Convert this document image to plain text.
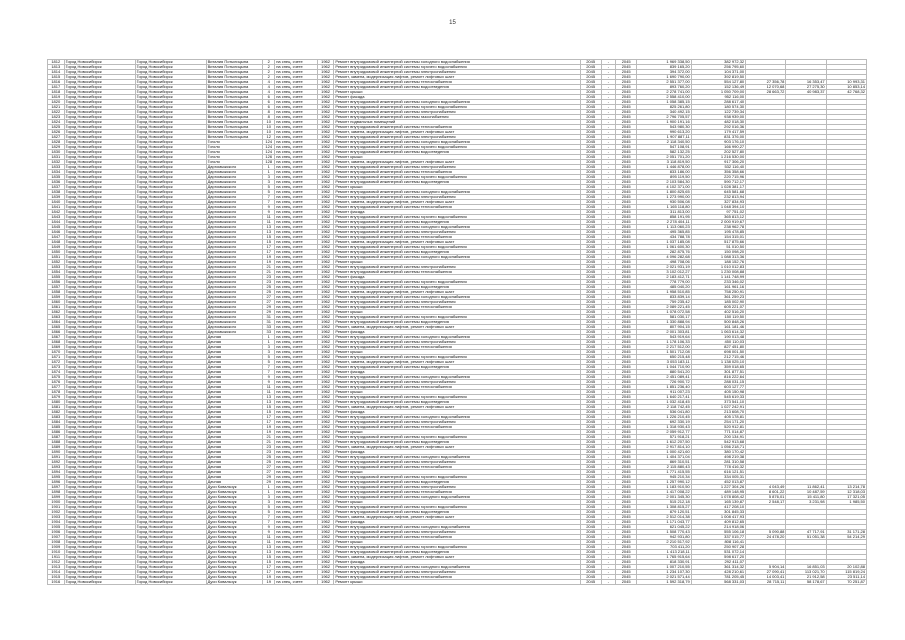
15
1812	Город Новосибирск	Город Новосибирск	Виталия Потылицына	2	на спец. счете	1962	Ремонт внутридомовой инженерной системы холодного водоснабжения	2045	-	2045	1 969 338,50	382 972,32			
1813	Город Новосибирск	Город Новосибирск	Виталия Потылицына	2	на спец. счете	1962	Ремонт внутридомовой инженерной системы горячего водоснабжения	2045	-	2045	839 165,20	256 795,60			
1814	Город Новосибирск	Город Новосибирск	Виталия Потылицына	2	на спец. счете	1962	Ремонт внутридомовой инженерной системы электроснабжения	2045	-	2045	394 372,00	104 371,00			
1815	Город Новосибирск	Город Новосибирск	Виталия Потылицына	2	на спец. счете	1962	Ремонт, замена, модернизация лифтов, ремонт лифтовых шахт	2045	-	2045	1 690 790,00	392 819,50			
1816	Город Новосибирск	Город Новосибирск	Виталия Потылицына	4	на спец. счете	1962	Ремонт внутридомовой инженерной системы теплоснабжения	2045	-	2045	2 551 377,00	554 127,80	27 356,78	16 353,47	10 993,31
1817	Город Новосибирск	Город Новосибирск	Виталия Потылицына	4	на спец. счете	1962	Ремонт внутридомовой инженерной системы водоотведения	2045	-	2045	893 760,20	152 136,49	12 070,68	27 275,30	10 853,14
1818	Город Новосибирск	Город Новосибирск	Виталия Потылицына	4	на спец. счете	1962	Ремонт крыши	2045	-	2045	2 278 741,00	1 050 709,00	28 663,72	40 983,37	42 768,32
1819	Город Новосибирск	Город Новосибирск	Виталия Потылицына	6	на спец. счете	1962	Ремонт фасада	2045	-	2045	2 558 410,00	952 116,00			
1820	Город Новосибирск	Город Новосибирск	Виталия Потылицына	6	на спец. счете	1962	Ремонт внутридомовой инженерной системы холодного водоснабжения	2045	-	2045	1 058 385,15	288 617,40			
1821	Город Новосибирск	Город Новосибирск	Виталия Потылицына	6	на спец. счете	1962	Ремонт внутридомовой инженерной системы горячего водоснабжения	2045	-	2045	825 261,80	180 574,30			
1822	Город Новосибирск	Город Новосибирск	Виталия Потылицына	8	на спец. счете	1962	Ремонт внутридомовой инженерной системы электроснабжения	2045	-	2045	340 492,15	122 739,34			
1823	Город Новосибирск	Город Новосибирск	Виталия Потылицына	8	на спец. счете	1962	Ремонт внутридомовой инженерной системы газоснабжения	2045	-	2045	2 796 705,57	938 939,00			
1824	Город Новосибирск	Город Новосибирск	Виталия Потылицына	10	на спец. счете	1962	Ремонт подвальных помещений	2045	-	2045	1 900 191,16	482 018,30			
1825	Город Новосибирск	Город Новосибирск	Виталия Потылицына	10	на спец. счете	1962	Ремонт внутридомовой инженерной системы теплоснабжения	2045	-	2045	543 980,30	292 016,36			
1826	Город Новосибирск	Город Новосибирск	Виталия Потылицына	10	на спец. счете	1962	Ремонт, замена, модернизация лифтов, ремонт лифтовых шахт	2045	-	2045	990 613,20	179 417,59			
1827	Город Новосибирск	Город Новосибирск	Виталия Потылицына	12	на спец. счете	1962	Ремонт внутридомовой инженерной системы электроснабжения	2045	-	2045	1 907 887,11	831 376,00			
1828	Город Новосибирск	Город Новосибирск	Гоголя	124	на спец. счете	1962	Ремонт внутридомовой инженерной системы холодного водоснабжения	2045	-	2045	2 118 340,50	903 176,10			
1829	Город Новосибирск	Город Новосибирск	Гоголя	124	на спец. счете	1962	Ремонт внутридомовой инженерной системы горячего водоснабжения	2045	-	2045	547 108,91	166 990,27			
1830	Город Новосибирск	Город Новосибирск	Гоголя	124	на спец. счете	1962	Ремонт внутридомовой инженерной системы водоотведения	2045	-	2045	582 132,25	202 527,80			
1831	Город Новосибирск	Город Новосибирск	Гоголя	126	на спец. счете	1962	Ремонт крыши	2045	-	2045	2 051 701,20	1 216 530,00			
1832	Город Новосибирск	Город Новосибирск	Гоголя	128	на спец. счете	1962	Ремонт, замена, модернизация лифтов, ремонт лифтовых шахт	2045	-	2045	3 118 819,50	917 306,20			
1833	Город Новосибирск	Город Новосибирск	Даргомыжского	1	на спец. счете	1962	Ремонт внутридомовой инженерной системы электроснабжения	2045	-	2045	1 446 878,00	532 116,40			
1834	Город Новосибирск	Город Новосибирск	Даргомыжского	1	на спец. счете	1962	Ремонт внутридомовой инженерной системы теплоснабжения	2045	-	2045	833 186,00	356 358,66			
1835	Город Новосибирск	Город Новосибирск	Даргомыжского	3	на спец. счете	1962	Ремонт внутридомовой инженерной системы горячего водоснабжения	2045	-	2045	895 119,50	220 715,96			
1836	Город Новосибирск	Город Новосибирск	Даргомыжского	3	на спец. счете	1962	Ремонт внутридомовой инженерной системы водоотведения	2045	-	2045	2 103 584,30	590 712,17			
1837	Город Новосибирск	Город Новосибирск	Даргомыжского	5	на спец. счете	1962	Ремонт крыши	2045	-	2045	4 102 371,00	1 028 381,17			
1838	Город Новосибирск	Город Новосибирск	Даргомыжского	5	на спец. счете	1962	Ремонт внутридомовой инженерной системы холодного водоснабжения	2045	-	2045	1 800 825,65	645 581,68			
1839	Город Новосибирск	Город Новосибирск	Даргомыжского	7	на спец. счете	1962	Ремонт внутридомовой инженерной системы электроснабжения	2045	-	2045	1 273 990,00	232 813,94			
1840	Город Новосибирск	Город Новосибирск	Даргомыжского	7	на спец. счете	1962	Ремонт, замена, модернизация лифтов, ремонт лифтовых шахт	2045	-	2045	930 506,08	327 834,93			
1841	Город Новосибирск	Город Новосибирск	Даргомыжского	9	на спец. счете	1962	Ремонт внутридомовой инженерной системы теплоснабжения	2045	-	2045	1 165 118,80	1 048 394,10			
1842	Город Новосибирск	Город Новосибирск	Даргомыжского	9	на спец. счете	1962	Ремонт фасада	2045	-	2045	311 813,00	97 751,02			
1843	Город Новосибирск	Город Новосибирск	Даргомыжского	11	на спец. счете	1962	Ремонт внутридомовой инженерной системы горячего водоснабжения	2045	-	2045	858 191,95	365 813,12			
1844	Город Новосибирск	Город Новосибирск	Даргомыжского	11	на спец. счете	1962	Ремонт внутридомовой инженерной системы водоотведения	2045	-	2045	2 278 404,11	2 000 919,67			
1845	Город Новосибирск	Город Новосибирск	Даргомыжского	13	на спец. счете	1962	Ремонт внутридомовой инженерной системы холодного водоснабжения	2045	-	2045	1 113 060,23	238 962,78			
1846	Город Новосибирск	Город Новосибирск	Даргомыжского	13	на спец. счете	1962	Ремонт внутридомовой инженерной системы электроснабжения	2045	-	2045	495 365,85	195 478,85			
1847	Город Новосибирск	Город Новосибирск	Даргомыжского	15	на спец. счете	1962	Ремонт внутридомовой инженерной системы теплоснабжения	2045	-	2045	434 788,78	154 315,01			
1848	Город Новосибирск	Город Новосибирск	Даргомыжского	15	на спец. счете	1962	Ремонт, замена, модернизация лифтов, ремонт лифтовых шахт	2045	-	2045	1 037 185,08	517 875,66			
1849	Город Новосибирск	Город Новосибирск	Даргомыжского	17	на спец. счете	1962	Ремонт внутридомовой инженерной системы горячего водоснабжения	2045	-	2045	1 061 600,30	51 010,50			
1850	Город Новосибирск	Город Новосибирск	Даргомыжского	17	на спец. счете	1962	Ремонт внутридомовой инженерной системы водоотведения	2045	-	2045	282 875,76	150 098,20			
1851	Город Новосибирск	Город Новосибирск	Даргомыжского	19	на спец. счете	1962	Ремонт внутридомовой инженерной системы холодного водоснабжения	2045	-	2045	4 096 282,68	1 088 313,36			
1852	Город Новосибирск	Город Новосибирск	Даргомыжского	19	на спец. счете	1962	Ремонт крыши	2045	-	2045	498 708,06	188 152,76			
1853	Город Новосибирск	Город Новосибирск	Даргомыжского	21	на спец. счете	1962	Ремонт внутридомовой инженерной системы электроснабжения	2045	-	2045	2 021 931,19	1 010 012,83			
1854	Город Новосибирск	Город Новосибирск	Даргомыжского	21	на спец. счете	1962	Ремонт внутридомовой инженерной системы теплоснабжения	2045	-	2045	3 102 012,27	1 230 008,88			
1855	Город Новосибирск	Город Новосибирск	Даргомыжского	23	на спец. счете	1962	Ремонт фасада	2045	-	2045	2 183 412,71	1 141 748,99			
1856	Город Новосибирск	Город Новосибирск	Даргомыжского	23	на спец. счете	1962	Ремонт внутридомовой инженерной системы горячего водоснабжения	2045	-	2045	778 779,00	233 346,02			
1857	Город Новосибирск	Город Новосибирск	Даргомыжского	25	на спец. счете	1962	Ремонт внутридомовой инженерной системы водоотведения	2045	-	2045	485 040,20	161 961,16			
1858	Город Новосибирск	Город Новосибирск	Даргомыжского	25	на спец. счете	1962	Ремонт, замена, модернизация лифтов, ремонт лифтовых шахт	2045	-	2045	1 958 510,85	758 250,91			
1859	Город Новосибирск	Город Новосибирск	Даргомыжского	27	на спец. счете	1962	Ремонт внутридомовой инженерной системы холодного водоснабжения	2045	-	2045	833 839,14	361 259,23			
1860	Город Новосибирск	Город Новосибирск	Даргомыжского	27	на спец. счете	1962	Ремонт внутридомовой инженерной системы электроснабжения	2045	-	2045	759 235,42	185 002,90			
1861	Город Новосибирск	Город Новосибирск	Даргомыжского	29	на спец. счете	1962	Ремонт внутридомовой инженерной системы теплоснабжения	2045	-	2045	2 089 221,45	605 221,07			
1862	Город Новосибирск	Город Новосибирск	Даргомыжского	29	на спец. счете	1962	Ремонт крыши	2045	-	2045	1 078 072,58	402 516,20			
1863	Город Новосибирск	Город Новосибирск	Даргомыжского	31	на спец. счете	1962	Ремонт внутридомовой инженерной системы горячего водоснабжения	2045	-	2045	581 030,17	150 119,50			
1864	Город Новосибирск	Город Новосибирск	Даргомыжского	31	на спец. счете	1962	Ремонт внутридомовой инженерной системы водоотведения	2045	-	2045	1 330 888,94	500 848,26			
1865	Город Новосибирск	Город Новосибирск	Даргомыжского	33	на спец. счете	1962	Ремонт, замена, модернизация лифтов, ремонт лифтовых шахт	2045	-	2045	807 904,15	161 181,46			
1866	Город Новосибирск	Город Новосибирск	Даргомыжского	33	на спец. счете	1962	Ремонт фасада	2045	-	2045	2 001 303,81	1 063 614,32			
1867	Город Новосибирск	Город Новосибирск	Дачная	1	на спец. счете	1962	Ремонт внутридомовой инженерной системы холодного водоснабжения	2045	-	2045	543 919,64	190 013,48			
1868	Город Новосибирск	Город Новосибирск	Дачная	1	на спец. счете	1962	Ремонт внутридомовой инженерной системы электроснабжения	2045	-	2045	1 178 106,33	450 110,03			
1869	Город Новосибирск	Город Новосибирск	Дачная	3	на спец. счете	1962	Ремонт внутридомовой инженерной системы теплоснабжения	2045	-	2045	2 217 512,00	827 451,80			
1870	Город Новосибирск	Город Новосибирск	Дачная	3	на спец. счете	1962	Ремонт крыши	2045	-	2045	1 501 712,08	698 001,50			
1871	Город Новосибирск	Город Новосибирск	Дачная	5	на спец. счете	1962	Ремонт внутридомовой инженерной системы горячего водоснабжения	2045	-	2045	650 215,48	212 715,46			
1872	Город Новосибирск	Город Новосибирск	Дачная	5	на спец. счете	1962	Ремонт, замена, модернизация лифтов, ремонт лифтовых шахт	2045	-	2045	3 053 183,11	1 138 025,10			
1873	Город Новосибирск	Город Новосибирск	Дачная	7	на спец. счете	1962	Ремонт внутридомовой инженерной системы водоотведения	2045	-	2045	1 044 710,90	359 018,65			
1874	Город Новосибирск	Город Новосибирск	Дачная	7	на спец. счете	1962	Ремонт фасада	2045	-	2045	880 541,20	301 877,51			
1875	Город Новосибирск	Город Новосибирск	Дачная	9	на спец. счете	1962	Ремонт внутридомовой инженерной системы холодного водоснабжения	2045	-	2045	2 451 089,41	816 222,64			
1876	Город Новосибирск	Город Новосибирск	Дачная	9	на спец. счете	1962	Ремонт внутридомовой инженерной системы электроснабжения	2045	-	2045	726 900,72	288 031,15			
1877	Город Новосибирск	Город Новосибирск	Дачная	11	на спец. счете	1962	Ремонт внутридомовой инженерной системы теплоснабжения	2045	-	2045	1 851 236,40	603 127,77			
1878	Город Новосибирск	Город Новосибирск	Дачная	11	на спец. счете	1962	Ремонт крыши	2045	-	2045	911 007,23	405 150,98			
1879	Город Новосибирск	Город Новосибирск	Дачная	13	на спец. счете	1962	Ремонт внутридомовой инженерной системы горячего водоснабжения	2045	-	2045	1 640 217,41	545 619,33			
1880	Город Новосибирск	Город Новосибирск	Дачная	13	на спец. счете	1962	Ремонт внутридомовой инженерной системы водоотведения	2045	-	2045	1 032 418,45	373 541,10			
1881	Город Новосибирск	Город Новосибирск	Дачная	15	на спец. счете	1962	Ремонт, замена, модернизация лифтов, ремонт лифтовых шахт	2045	-	2045	2 118 742,45	1 027 242,91			
1882	Город Новосибирск	Город Новосибирск	Дачная	15	на спец. счете	1962	Ремонт фасада	2045	-	2045	536 041,80	213 608,70			
1883	Город Новосибирск	Город Новосибирск	Дачная	17	на спец. счете	1962	Ремонт внутридомовой инженерной системы холодного водоснабжения	2045	-	2045	1 226 210,45	405 178,81			
1884	Город Новосибирск	Город Новосибирск	Дачная	17	на спец. счете	1962	Ремонт внутридомовой инженерной системы электроснабжения	2045	-	2045	692 330,19	254 171,20			
1885	Город Новосибирск	Город Новосибирск	Дачная	19	на спец. счете	1962	Ремонт внутридомовой инженерной системы теплоснабжения	2045	-	2045	1 318 930,43	520 912,81			
1886	Город Новосибирск	Город Новосибирск	Дачная	19	на спец. счете	1962	Ремонт крыши	2045	-	2045	2 059 912,77	771 014,87			
1887	Город Новосибирск	Город Новосибирск	Дачная	21	на спец. счете	1962	Ремонт внутридомовой инженерной системы горячего водоснабжения	2045	-	2045	571 918,21	200 134,91			
1888	Город Новосибирск	Город Новосибирск	Дачная	21	на спец. счете	1962	Ремонт внутридомовой инженерной системы водоотведения	2045	-	2045	1 612 207,50	542 913,68			
1889	Город Новосибирск	Город Новосибирск	Дачная	23	на спец. счете	1962	Ремонт, замена, модернизация лифтов, ремонт лифтовых шахт	2045	-	2045	2 917 814,10	1 056 218,71			
1890	Город Новосибирск	Город Новосибирск	Дачная	23	на спец. счете	1962	Ремонт фасада	2045	-	2045	1 000 421,60	380 170,42			
1891	Город Новосибирск	Город Новосибирск	Дачная	25	на спец. счете	1962	Ремонт внутридомовой инженерной системы холодного водоснабжения	2045	-	2045	1 404 371,04	498 219,38			
1892	Город Новосибирск	Город Новосибирск	Дачная	25	на спец. счете	1962	Ремонт внутридомовой инженерной системы электроснабжения	2045	-	2045	869 310,51	281 310,58			
1893	Город Новосибирск	Город Новосибирск	Дачная	27	на спец. счете	1962	Ремонт внутридомовой инженерной системы теплоснабжения	2045	-	2045	2 115 880,43	778 416,32			
1894	Город Новосибирск	Город Новосибирск	Дачная	27	на спец. счете	1962	Ремонт крыши	2045	-	2045	1 771 415,55	616 121,51			
1895	Город Новосибирск	Город Новосибирск	Дачная	29	на спец. счете	1962	Ремонт внутридомовой инженерной системы горячего водоснабжения	2045	-	2045	945 210,34	334 005,31			
1896	Город Новосибирск	Город Новосибирск	Дачная	29	на спец. счете	1962	Ремонт внутридомовой инженерной системы водоотведения	2045	-	2045	1 257 990,12	452 013,87			
1897	Город Новосибирск	Город Новосибирск	Дуси Ковальчук	1	на спец. счете	1962	Ремонт внутридомовой инженерной системы электроснабжения	2045	-	2045	1 183 910,50	1 227 304,26	4 043,49	11 862,41	13 214,78
1898	Город Новосибирск	Город Новосибирск	Дуси Ковальчук	1	на спец. счете	1962	Ремонт внутридомовой инженерной системы теплоснабжения	2045	-	2045	1 417 008,22	489 148,95	8 601,22	10 487,59	12 318,03
1899	Город Новосибирск	Город Новосибирск	Дуси Ковальчук	3	на спец. счете	1962	Ремонт внутридомовой инженерной системы холодного водоснабжения	2045	-	2045	2 001 345,30	1 078 808,42	5 876,01	15 411,80	17 321,05
1900	Город Новосибирск	Город Новосибирск	Дуси Ковальчук	3	на спец. счете	1962	Ремонт крыши	2045	-	2045	515 212,18	165 139,87	2 548,17	3 231,98	1 985,50
1901	Город Новосибирск	Город Новосибирск	Дуси Ковальчук	5	на спец. счете	1962	Ремонт внутридомовой инженерной системы горячего водоснабжения	2045	-	2045	1 308 815,27	417 208,10			
1902	Город Новосибирск	Город Новосибирск	Дуси Ковальчук	5	на спец. счете	1962	Ремонт внутридомовой инженерной системы водоотведения	2045	-	2045	879 120,51	301 845,33			
1903	Город Новосибирск	Город Новосибирск	Дуси Ковальчук	7	на спец. счете	1962	Ремонт, замена, модернизация лифтов, ремонт лифтовых шахт	2045	-	2045	2 512 014,38	1 008 417,93			
1904	Город Новосибирск	Город Новосибирск	Дуси Ковальчук	7	на спец. счете	1962	Ремонт фасада	2045	-	2045	1 171 043,77	409 812,65			
1905	Город Новосибирск	Город Новосибирск	Дуси Ковальчук	9	на спец. счете	1962	Ремонт внутридомовой инженерной системы холодного водоснабжения	2045	-	2045	621 045,22	214 918,06			
1906	Город Новосибирск	Город Новосибирск	Дуси Ковальчук	9	на спец. счете	1962	Ремонт внутридомовой инженерной системы электроснабжения	2045	-	2045	1 508 770,43	555 106,18	5 090,88	47 717,91	31 171,28
1907	Город Новосибирск	Город Новосибирск	Дуси Ковальчук	11	на спец. счете	1962	Ремонт внутридомовой инженерной системы теплоснабжения	2045	-	2045	942 931,80	337 015,77	24 478,20	51 051,38	54 214,29
1908	Город Новосибирск	Город Новосибирск	Дуси Ковальчук	11	на спец. счете	1962	Ремонт крыши	2045	-	2045	2 210 517,92	808 116,41			
1909	Город Новосибирск	Город Новосибирск	Дуси Ковальчук	13	на спец. счете	1962	Ремонт внутридомовой инженерной системы горячего водоснабжения	2045	-	2045	703 411,20	250 907,28			
1910	Город Новосибирск	Город Новосибирск	Дуси Ковальчук	13	на спец. счете	1962	Ремонт внутридомовой инженерной системы водоотведения	2045	-	2045	1 413 218,11	531 072,14			
1911	Город Новосибирск	Город Новосибирск	Дуси Ковальчук	15	на спец. счете	1962	Ремонт, замена, модернизация лифтов, ремонт лифтовых шахт	2045	-	2045	1 765 915,64	598 617,20			
1912	Город Новосибирск	Город Новосибирск	Дуси Ковальчук	15	на спец. счете	1962	Ремонт фасада	2045	-	2045	818 330,91	292 411,07			
1913	Город Новосибирск	Город Новосибирск	Дуси Ковальчук	17	на спец. счете	1962	Ремонт внутридомовой инженерной системы холодного водоснабжения	2045	-	2045	1 007 210,55	361 314,32	5 904,14	16 851,03	20 102,88
1914	Город Новосибирск	Город Новосибирск	Дуси Ковальчук	17	на спец. счете	1962	Ремонт внутридомовой инженерной системы электроснабжения	2045	-	2045	1 234 107,30	428 210,61	27 090,41	113 021,70	115 819,24
1915	Город Новосибирск	Город Новосибирск	Дуси Ковальчук	19	на спец. счете	1962	Ремонт внутридомовой инженерной системы теплоснабжения	2045	-	2045	2 021 571,44	781 205,45	14 003,41	21 912,58	23 511,14
1916	Город Новосибирск	Город Новосибирск	Дуси Ковальчук	19	на спец. счете	1962	Ремонт крыши	2045	-	2045	1 592 318,79	568 331,03	28 715,11	58 178,67	70 251,87
